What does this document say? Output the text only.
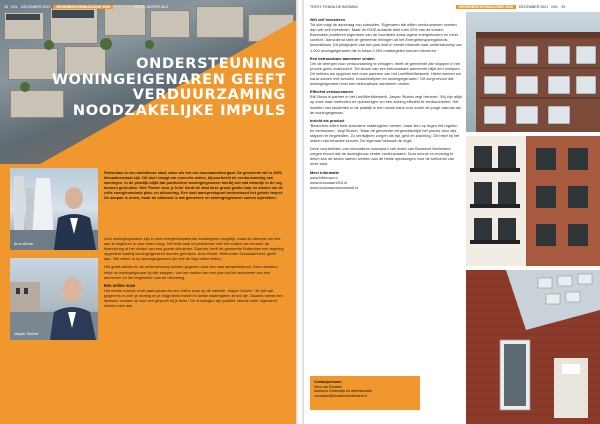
28 NVL DECEMBER 2021 REGENERATIEMAGAZINE 2030	FOTO: JASPER BLIJ
ONDERSTEUNING WONINGEIGENAREN GEEFT VERDUURZAMING NOODZAKELIJKE IMPULS
Arno Bonte
Jasper Stuiver
Rotterdam is een ambitieuze stad, zeker als het om duurzaamheid gaat. De gemeente wil in 2050 klimaatneutraal zijn. Dit doel vraagt om concrete acties, bijvoorbeeld de verduurzaming van woningen. In de praktijk blijkt dat particuliere woningeigenaren hierbij wel wat steuntje in de rug kunnen gebruiken. Met 'Power voor je huis' biedt de stad deze groep gratis hulp en advies om de zelfs energieneutrale plan- en uitvoering. Een vast aanspreekpunt ondersteunt het gehele traject. De aanpak is uniek, maar de uitkomst is dat gemeente en woningeigenaren samen optrekken.
Voor woningeigenaren zijn er veel energiebesparende maatregelen mogelijk, maar de drempel om hier aan te beginnen is voor velen hoog. Het leidt vaak tot problemen met het maken van keuzes, de financiering of het vinden van een goede uitvoerder. Daarom heeft de gemeente Rotterdam een regeling opgesteld waarbij woningeigenaren worden geholpen. Arno Bonte, Wethouder Duurzaamheid, geeft aan: 'We zetten in op woningeigenaren die zelf de stap willen zetten.'
Het gratis advies en de ondersteuning worden gegeven door een vast aanspreekpunt. Deze adviseur helpt de woningeigenaar bij alle stappen: van het maken van een plan tot het selecteren van een aannemer en het begeleiden van de uitvoering.
Een online scan
Het eerste contact vindt vaak plaats via een online scan op de website. Jasper Stuiver: 'Je vult wat gegevens in over je woning en je krijgt direct inzicht in welke maatregelen zinvol zijn. Daarna neemt een adviseur contact op voor een gesprek bij je thuis.' De ervaringen zijn positief, steeds meer eigenaren melden zich aan.
TEKST: FENNA DE BONNNG	REGENERATIEMAGAZINE 2030 DECEMBER 2021 NVL 29
Wél zelf investeren

Tot slot volgt de aanvraag van subsidies. 'Eigenaren die willen verduurzamen moeten dan wel zelf investeren. Maar de ISDE-subsidie dekt ruim 20% van de kosten. Bovendien profiteren eigenaren van de voordelen zoals lagere energiekosten en meer comfort.' Aanvullend stelt de gemeente leningen uit het Energiebesparingsfonds beschikbaar. Dit pilotproject van een jaar leidt in eerste instantie naar ondersteuning van 1.000 woningeigenaren die in totaal 2.000 maatregelen kunnen uitvoeren.

Een betrouwbare aannemer vinden

Om de drempel voor verduurzaming te verlagen, heeft de gemeente alle stappen in het proces goed onderzocht. 'De keuze van een betrouwbare aannemer blijkt een knelpunt. Dit hebben we opgelost met onze partners van het LeefWerkNetwerk. Hierin werken we nauw samen met scholen, bouwbedrijven en woningeigenaren.' Dit zorgt ervoor dat woningeigenaren snel een betrouwbare aannemer vinden.

Efficiënt verduurzamen

BIK Bouw is partner in het LeefWerkNetwerk. Jasper Stuiver zegt hierover: 'Wij zijn altijd op zoek naar methoden en oplossingen om een woning efficiënt te verduurzamen. Het inzetten van studenten in de praktijk is een mooie kans voor zowel de jonge vakman als de woningeigenaar.'

Inzicht als product

'Bewoners willen best duurzame maatregelen nemen, maar zien op tegen het regelen en verbouwen,' zegt Stuiver. 'Maar de gemeente vergemakkelijkt het proces door alle stappen te begeleiden. Zo verdwijnen zorgen als tijd, geld en planning.' Dit helpt bij het maken van bewuste keuzes. De eigenaar behoudt de regie.

Deze voorbeelden van innovatieve concepten van leden van Bouwend Nederland zorgen ervoor dat de woningbouw verder verduurzaamt. Door kennis en ervaring te delen kan de sector samen werken aan de beste oplossingen voor de toekomst van onze stad.

Meer informatie
www.bikbouw.nl
www.duurzaam010.nl
www.duurzaambouwenkit.nl
Contactpersoon
Vera van Bouwen
Adviseur Onderwijs en arbeidsmarkt
v.bouwen@bouwendnederland.nl
